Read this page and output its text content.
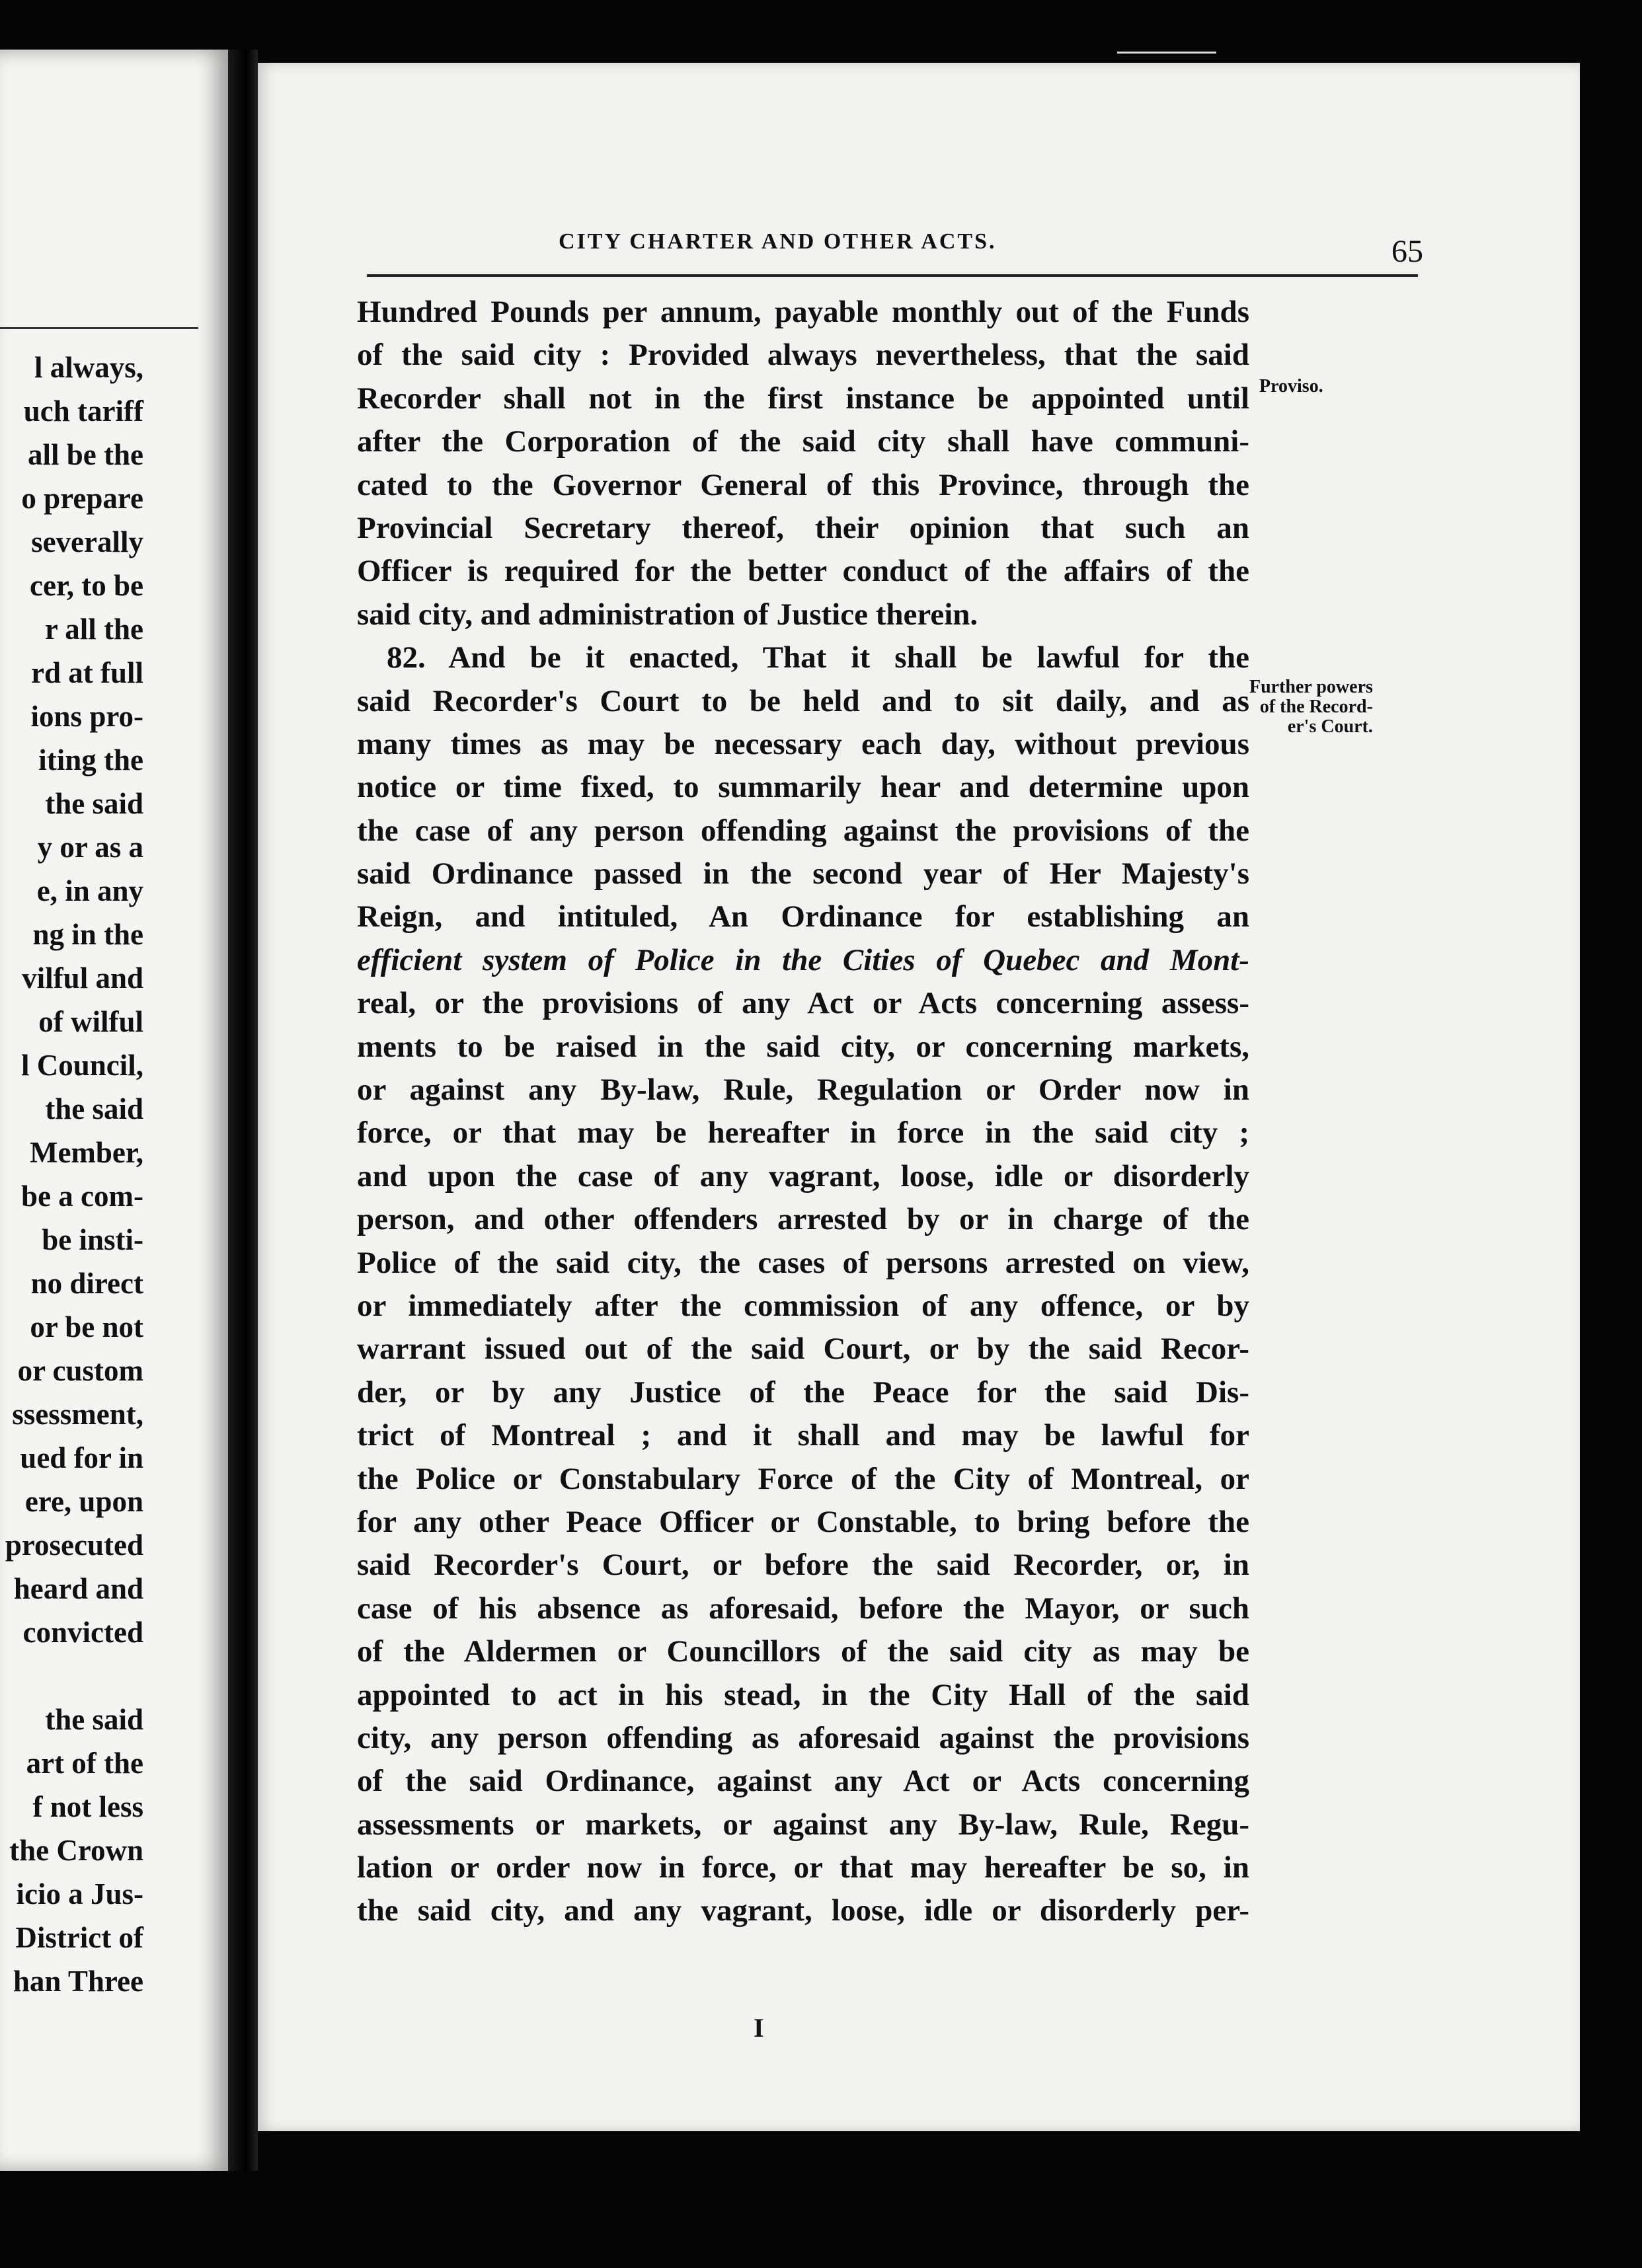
l always,
uch tariff
all be the
o prepare
severally
cer, to be
r all the
rd at full
ions pro-
iting the
the said
y or as a
e, in any
ng in the
vilful and
of wilful
l Council,
the said
Member,
be a com-
be insti-
no direct
or be not
or custom
ssessment,
ued for in
ere, upon
prosecuted
heard and
convicted
the said
art of the
f not less
the Crown
icio a Jus-
District of
han Three
CITY CHARTER AND OTHER ACTS.	65
Proviso.
Further powers
of the Record-
er's Court.
Hundred Pounds per annum, payable monthly out of the Funds
of the said city : Provided always nevertheless, that the said
Recorder shall not in the first instance be appointed until
after the Corporation of the said city shall have communi-
cated to the Governor General of this Province, through the
Provincial Secretary thereof, their opinion that such an
Officer is required for the better conduct of the affairs of the
said city, and administration of Justice therein.
82. And be it enacted, That it shall be lawful for the
said Recorder's Court to be held and to sit daily, and as
many times as may be necessary each day, without previous
notice or time fixed, to summarily hear and determine upon
the case of any person offending against the provisions of the
said Ordinance passed in the second year of Her Majesty's
Reign, and intituled, An Ordinance for establishing an
efficient system of Police in the Cities of Quebec and Mont-
real, or the provisions of any Act or Acts concerning assess-
ments to be raised in the said city, or concerning markets,
or against any By-law, Rule, Regulation or Order now in
force, or that may be hereafter in force in the said city ;
and upon the case of any vagrant, loose, idle or disorderly
person, and other offenders arrested by or in charge of the
Police of the said city, the cases of persons arrested on view,
or immediately after the commission of any offence, or by
warrant issued out of the said Court, or by the said Recor-
der, or by any Justice of the Peace for the said Dis-
trict of Montreal ; and it shall and may be lawful for
the Police or Constabulary Force of the City of Montreal, or
for any other Peace Officer or Constable, to bring before the
said Recorder's Court, or before the said Recorder, or, in
case of his absence as aforesaid, before the Mayor, or such
of the Aldermen or Councillors of the said city as may be
appointed to act in his stead, in the City Hall of the said
city, any person offending as aforesaid against the provisions
of the said Ordinance, against any Act or Acts concerning
assessments or markets, or against any By-law, Rule, Regu-
lation or order now in force, or that may hereafter be so, in
the said city, and any vagrant, loose, idle or disorderly per-
I
